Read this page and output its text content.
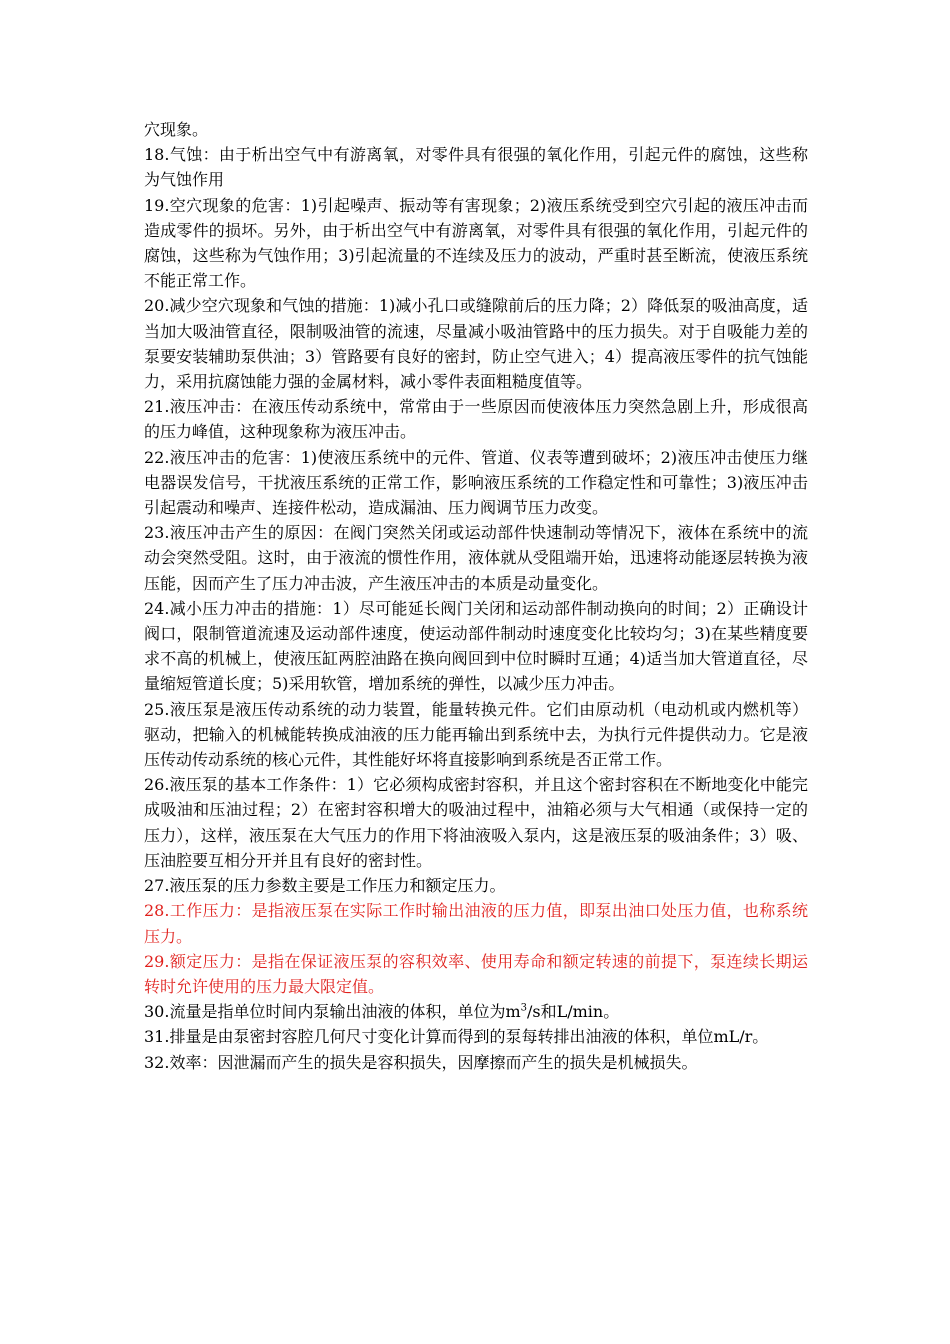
穴现象。

18.气蚀：由于析出空气中有游离氧，对零件具有很强的氧化作用，引起元件的腐蚀，这些称为气蚀作用

19.空穴现象的危害：1)引起噪声、振动等有害现象；2)液压系统受到空穴引起的液压冲击而造成零件的损坏。另外，由于析出空气中有游离氧，对零件具有很强的氧化作用，引起元件的腐蚀，这些称为气蚀作用；3)引起流量的不连续及压力的波动，严重时甚至断流，使液压系统不能正常工作。

20.减少空穴现象和气蚀的措施：1)减小孔口或缝隙前后的压力降；2）降低泵的吸油高度，适当加大吸油管直径，限制吸油管的流速，尽量减小吸油管路中的压力损失。对于自吸能力差的泵要安装辅助泵供油；3）管路要有良好的密封，防止空气进入；4）提高液压零件的抗气蚀能力，采用抗腐蚀能力强的金属材料，减小零件表面粗糙度值等。

21.液压冲击：在液压传动系统中，常常由于一些原因而使液体压力突然急剧上升，形成很高的压力峰值，这种现象称为液压冲击。

22.液压冲击的危害：1)使液压系统中的元件、管道、仪表等遭到破坏；2)液压冲击使压力继电器误发信号，干扰液压系统的正常工作，影响液压系统的工作稳定性和可靠性；3)液压冲击引起震动和噪声、连接件松动，造成漏油、压力阀调节压力改变。

23.液压冲击产生的原因：在阀门突然关闭或运动部件快速制动等情况下，液体在系统中的流动会突然受阻。这时，由于液流的惯性作用，液体就从受阻端开始，迅速将动能逐层转换为液压能，因而产生了压力冲击波，产生液压冲击的本质是动量变化。

24.减小压力冲击的措施：1）尽可能延长阀门关闭和运动部件制动换向的时间；2）正确设计阀口，限制管道流速及运动部件速度，使运动部件制动时速度变化比较均匀；3)在某些精度要求不高的机械上，使液压缸两腔油路在换向阀回到中位时瞬时互通；4)适当加大管道直径，尽量缩短管道长度；5)采用软管，增加系统的弹性，以减少压力冲击。

25.液压泵是液压传动系统的动力装置，能量转换元件。它们由原动机（电动机或内燃机等）驱动，把输入的机械能转换成油液的压力能再输出到系统中去，为执行元件提供动力。它是液压传动传动系统的核心元件，其性能好坏将直接影响到系统是否正常工作。

26.液压泵的基本工作条件：1）它必须构成密封容积，并且这个密封容积在不断地变化中能完成吸油和压油过程；2）在密封容积增大的吸油过程中，油箱必须与大气相通（或保持一定的压力），这样，液压泵在大气压力的作用下将油液吸入泵内，这是液压泵的吸油条件；3）吸、压油腔要互相分开并且有良好的密封性。

27.液压泵的压力参数主要是工作压力和额定压力。

28.工作压力：是指液压泵在实际工作时输出油液的压力值，即泵出油口处压力值，也称系统压力。

29.额定压力：是指在保证液压泵的容积效率、使用寿命和额定转速的前提下，泵连续长期运转时允许使用的压力最大限定值。

30.流量是指单位时间内泵输出油液的体积，单位为$m^3/s$和L/min。

31.排量是由泵密封容腔几何尺寸变化计算而得到的泵每转排出油液的体积，单位mL/r。

32.效率：因泄漏而产生的损失是容积损失，因摩擦而产生的损失是机械损失。
